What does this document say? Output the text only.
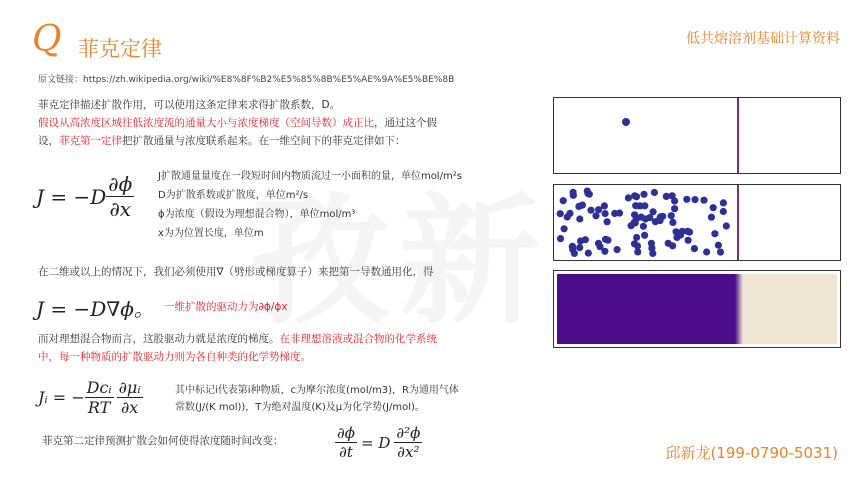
Q 菲克定律	低共熔溶剂基础计算资料
原文链接：https://zh.wikipedia.org/wiki/%E8%8F%B2%E5%85%8B%E5%AE%9A%E5%BE%8B
菲克定律描述扩散作用，可以使用这条定律来求得扩散系数，D。
假设从高浓度区域往低浓度流的通量大小与浓度梯度（空间导数）成正比，通过这个假
设，菲克第一定律把扩散通量与浓度联系起来。在一维空间下的菲克定律如下：
$J = -D \frac{\partial\phi}{\partial x}$ J扩散通量量度在一段短时间内物质流过一小面积的量，单位mol/m²s
D为扩散系数或扩散度，单位m²/s
ϕ为浓度（假设为理想混合物），单位mol/m³
x为为位置长度，单位m
在二维或以上的情况下，我们必须使用∇（劈形或梯度算子）来把第一导数通用化，得
J = −D∇ϕ。 一维扩散的驱动力为∂ϕ/ϕx
而对理想混合物而言，这股驱动力就是浓度的梯度。在非理想溶液或混合物的化学系统
中，每一种物质的扩散驱动力则为各自种类的化学势梯度。
Jᵢ = − $\frac{\text{Dcᵢ}}{RT} \frac{\text{∂μᵢ}}{\partial x}$	其中标记i代表第i种物质，c为摩尔浓度(mol/m3)，R为通用气体
常数(J/(K mol))，T为绝对温度(K)及μ为化学势(J/mol)。
菲克第二定律预测扩散会如何使得浓度随时间改变：	$\frac{\partial\phi}{\partial t} = D \frac{\text{∂²ϕ}}{\text{∂x²}}$	邱新龙(199-0790-5031)
